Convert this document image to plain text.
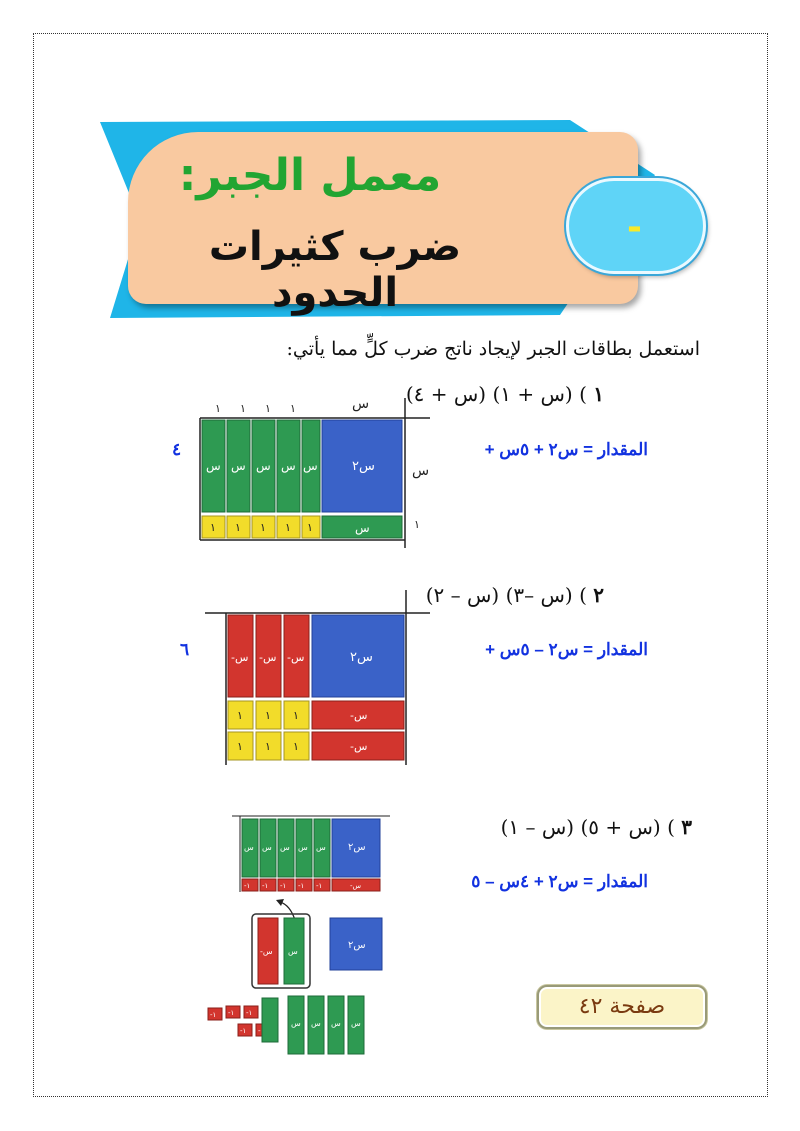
معمل الجبر:
ضرب كثيرات الحدود
-
استعمل بطاقات الجبر لإيجاد ناتج ضرب كلٍّ مما يأتي:
١ ) (س + ١) (س + ٤)
المقدار = س٢ + ٥س +
٤
١ ١ ١ ١	س
س
١
س س س س س	س٢
١ ١ ١ ١ ١	س
٢ ) (س –٣) (س – ٢)
المقدار = س٢ – ٥س +
٦	-س -س -س	س٢
١ ١ ١
١ ١ ١
-س
-س
٣ ) (س + ٥) (س – ١)
المقدار = س٢ + ٤س – ٥
س٢
س س س س س
-١ -١ -١ -١ -١	-س
-س س
س٢
-١ -١ -١
-١ -
س س س س
صفحة ٤٢
